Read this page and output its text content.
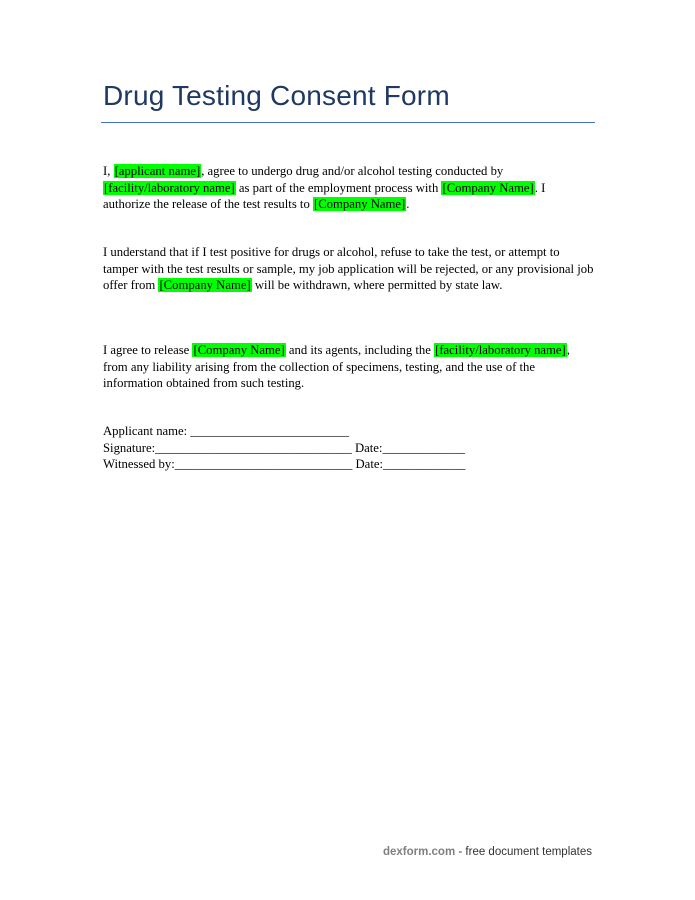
Drug Testing Consent Form

I, [applicant name], agree to undergo drug and/or alcohol testing conducted by [facility/laboratory name] as part of the employment process with [Company Name]. I authorize the release of the test results to [Company Name].

I understand that if I test positive for drugs or alcohol, refuse to take the test, or attempt to tamper with the test results or sample, my job application will be rejected, or any provisional job offer from [Company Name] will be withdrawn, where permitted by state law.

I agree to release [Company Name] and its agents, including the [facility/laboratory name], from any liability arising from the collection of specimens, testing, and the use of the information obtained from such testing.

Applicant name: _________________________
Signature:_______________________________ Date:_____________
Witnessed by:____________________________ Date:_____________
dexform.com - free document templates
